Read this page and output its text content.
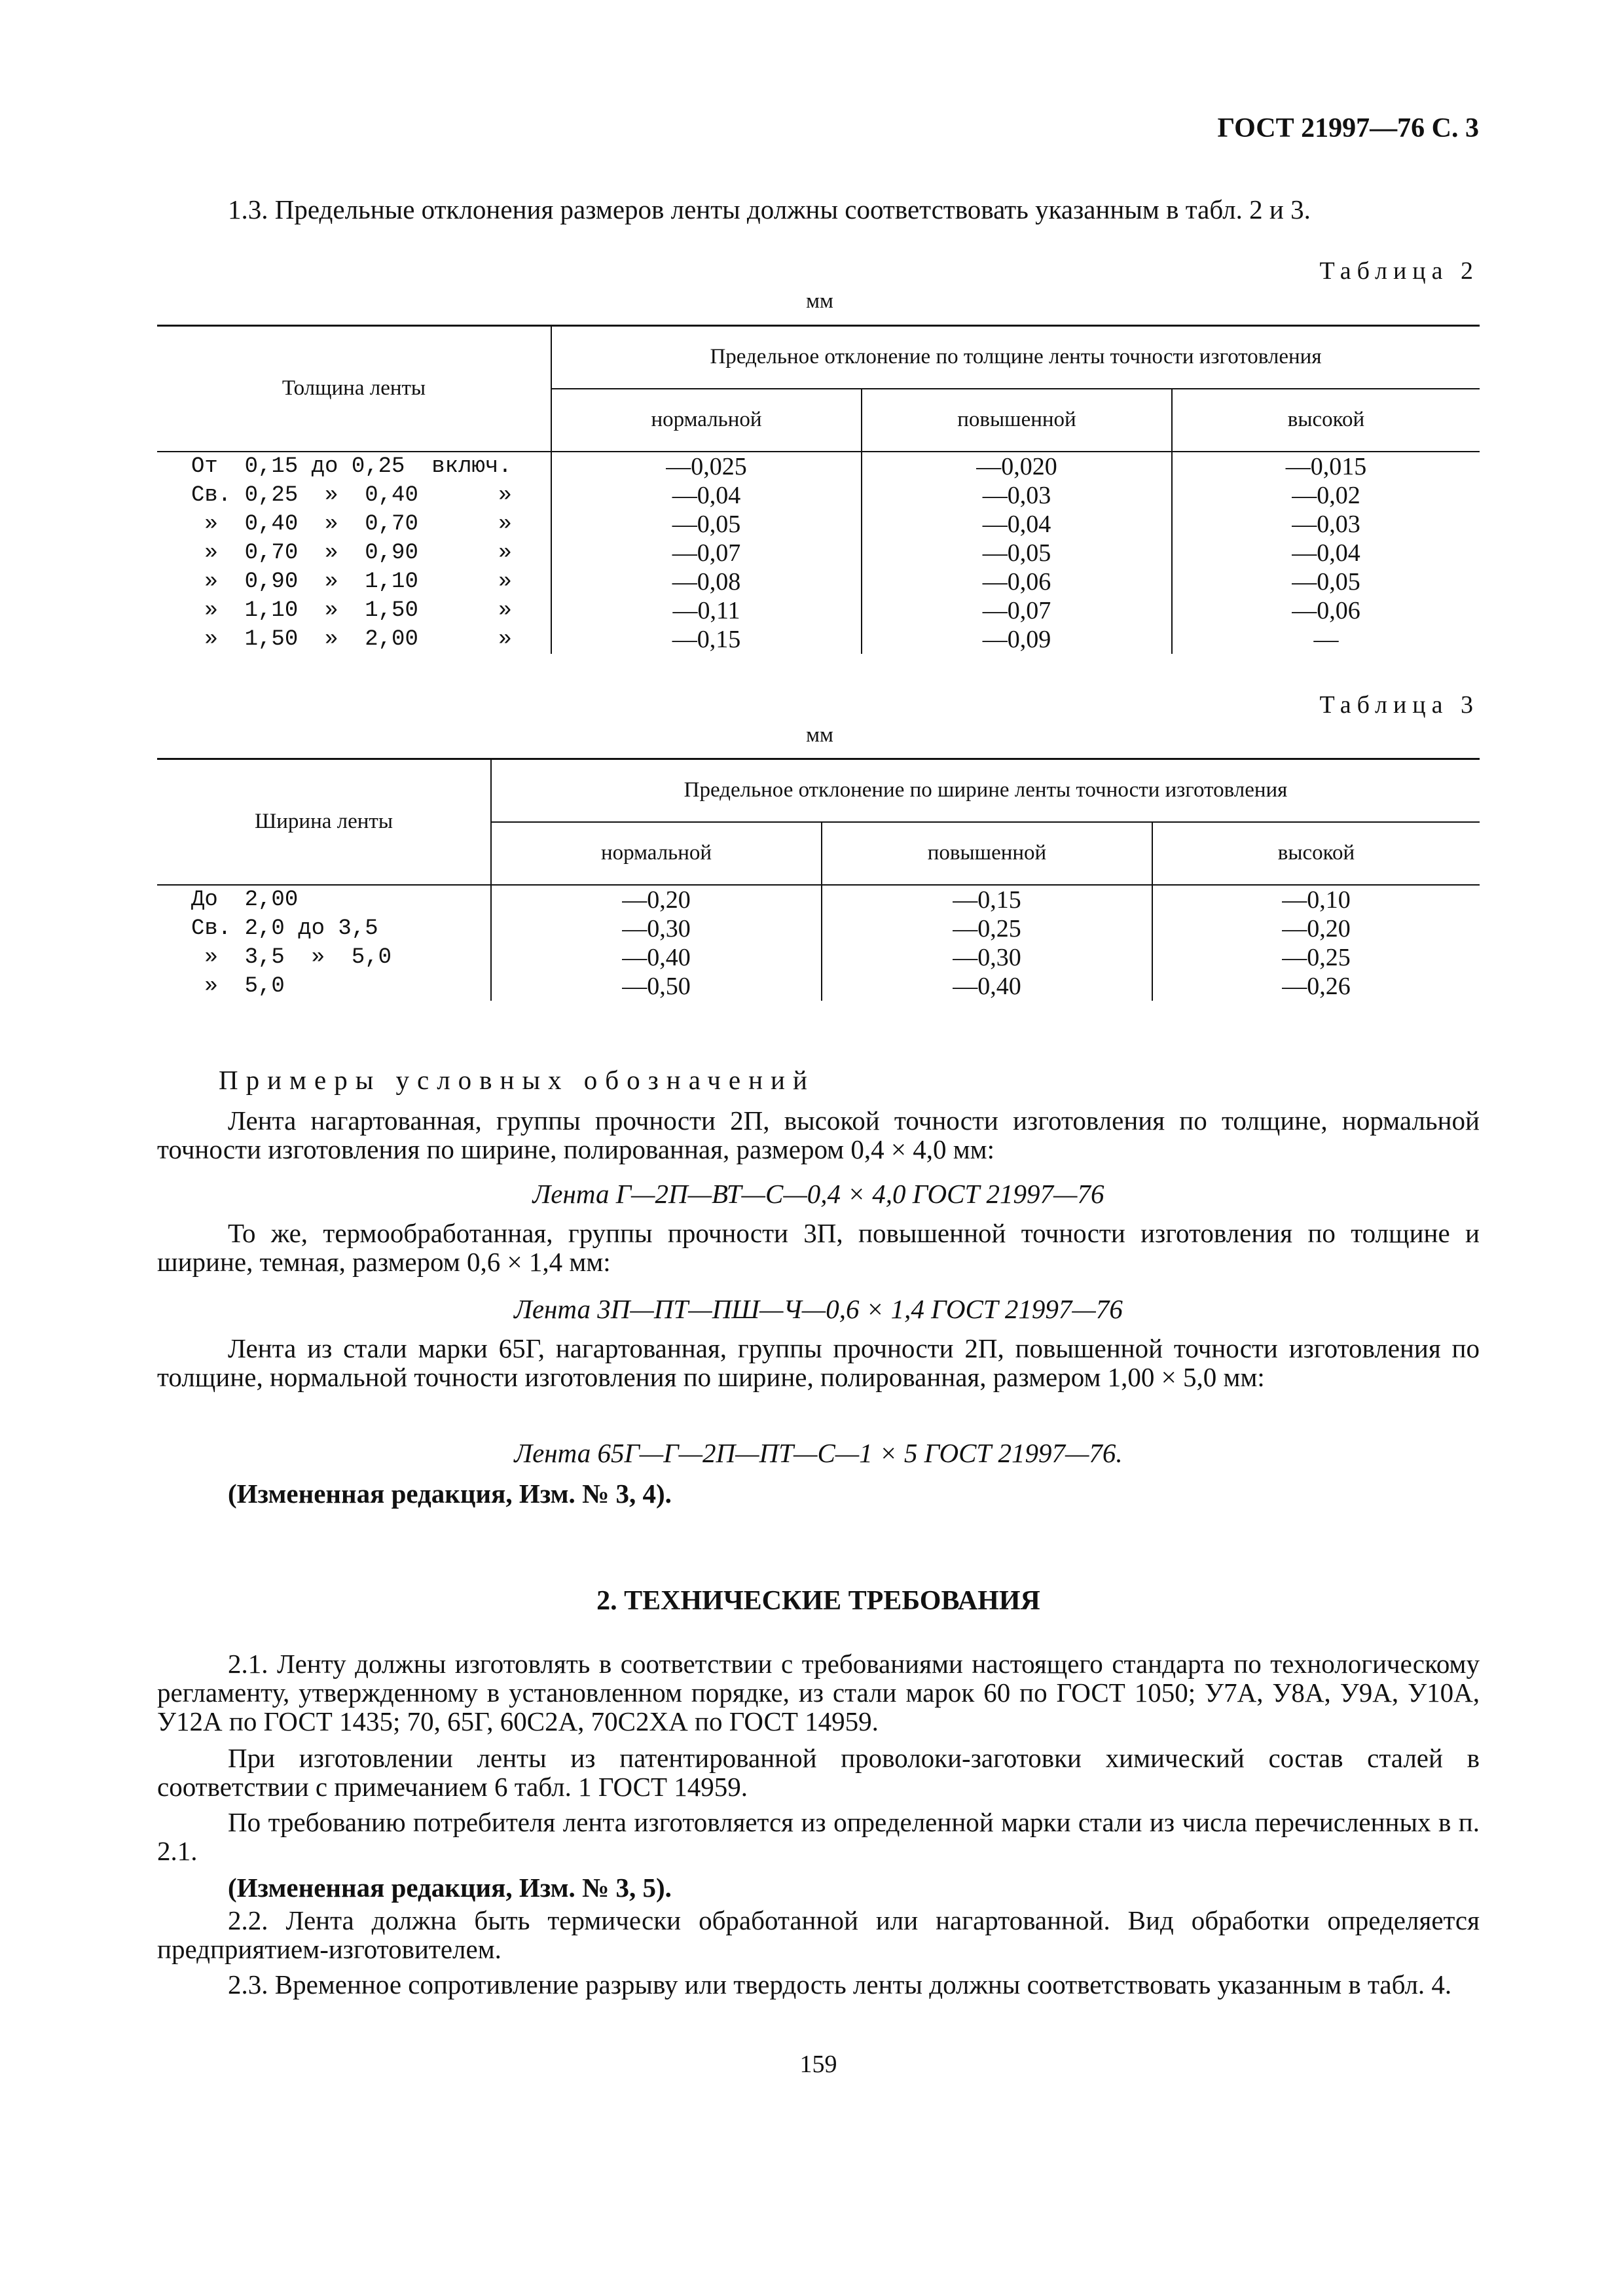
ГОСТ 21997—76 С. 3
1.3. Предельные отклонения размеров ленты должны соответствовать указанным в табл. 2 и 3.
Таблица 2
мм
Толщина ленты	Предельное отклонение по толщине ленты точности изготовления		
	нормальной	повышенной	высокой
От  0,15 до 0,25  включ.	—0,025	—0,020	—0,015
Св. 0,25  »  0,40      »	—0,04	—0,03	—0,02
»  0,40  »  0,70      »	—0,05	—0,04	—0,03
»  0,70  »  0,90      »	—0,07	—0,05	—0,04
»  0,90  »  1,10      »	—0,08	—0,06	—0,05
»  1,10  »  1,50      »	—0,11	—0,07	—0,06
»  1,50  »  2,00      »	—0,15	—0,09	—
Таблица 3
мм
Ширина ленты	Предельное отклонение по ширине ленты точности изготовления		
	нормальной	повышенной	высокой
До  2,00	—0,20	—0,15	—0,10
Св. 2,0 до 3,5	—0,30	—0,25	—0,20
»  3,5  »  5,0	—0,40	—0,30	—0,25
»  5,0	—0,50	—0,40	—0,26
Примеры условных обозначений
Лента нагартованная, группы прочности 2П, высокой точности изготовления по толщине, нормальной точности изготовления по ширине, полированная, размером 0,4 × 4,0 мм:
Лента Г—2П—ВТ—С—0,4 × 4,0 ГОСТ 21997—76
То же, термообработанная, группы прочности 3П, повышенной точности изготовления по толщине и ширине, темная, размером 0,6 × 1,4 мм:
Лента 3П—ПТ—ПШ—Ч—0,6 × 1,4 ГОСТ 21997—76
Лента из стали марки 65Г, нагартованная, группы прочности 2П, повышенной точности изготовления по толщине, нормальной точности изготовления по ширине, полированная, размером 1,00 × 5,0 мм:
Лента 65Г—Г—2П—ПТ—С—1 × 5 ГОСТ 21997—76.
(Измененная редакция, Изм. № 3, 4).
2. ТЕХНИЧЕСКИЕ ТРЕБОВАНИЯ
2.1. Ленту должны изготовлять в соответствии с требованиями настоящего стандарта по технологическому регламенту, утвержденному в установленном порядке, из стали марок 60 по ГОСТ 1050; У7А, У8А, У9А, У10А, У12А по ГОСТ 1435; 70, 65Г, 60С2А, 70С2ХА по ГОСТ 14959.
При изготовлении ленты из патентированной проволоки-заготовки химический состав сталей в соответствии с примечанием 6 табл. 1 ГОСТ 14959.
По требованию потребителя лента изготовляется из определенной марки стали из числа перечисленных в п. 2.1.
(Измененная редакция, Изм. № 3, 5).
2.2. Лента должна быть термически обработанной или нагартованной. Вид обработки определяется предприятием-изготовителем.
2.3. Временное сопротивление разрыву или твердость ленты должны соответствовать указанным в табл. 4.
159
